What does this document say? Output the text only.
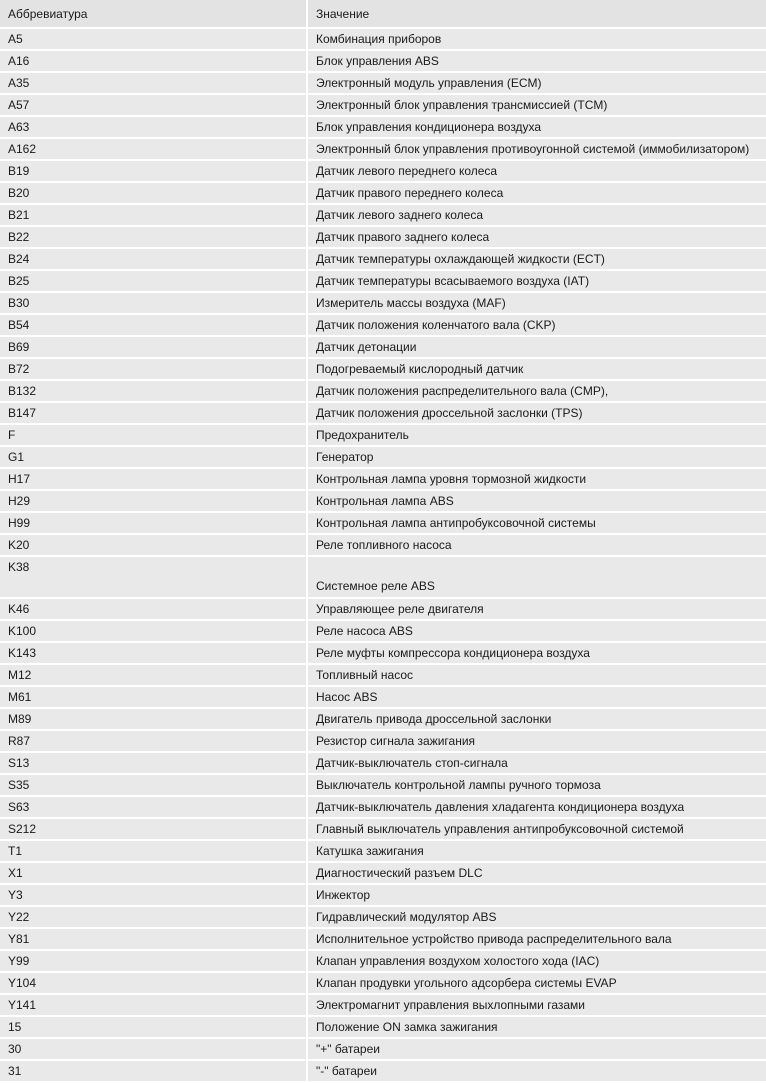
Аббревиатура	Значение
A5	Комбинация приборов
A16	Блок управления ABS
A35	Электронный модуль управления (ECM)
A57	Электронный блок управления трансмиссией (TCM)
A63	Блок управления кондиционера воздуха
A162	Электронный блок управления противоугонной системой (иммобилизатором)
B19	Датчик левого переднего колеса
B20	Датчик правого переднего колеса
B21	Датчик левого заднего колеса
B22	Датчик правого заднего колеса
B24	Датчик температуры охлаждающей жидкости (ECT)
B25	Датчик температуры всасываемого воздуха (IAT)
B30	Измеритель массы воздуха (MAF)
B54	Датчик положения коленчатого вала (CKP)
B69	Датчик детонации
B72	Подогреваемый кислородный датчик
B132	Датчик положения распределительного вала (CMP),
B147	Датчик положения дроссельной заслонки (TPS)
F	Предохранитель
G1	Генератор
H17	Контрольная лампа уровня тормозной жидкости
H29	Контрольная лампа ABS
H99	Контрольная лампа антипробуксовочной системы
K20	Реле топливного насоса
K38	Системное реле ABS
K46	Управляющее реле двигателя
K100	Реле насоса ABS
K143	Реле муфты компрессора кондиционера воздуха
M12	Топливный насос
M61	Насос ABS
M89	Двигатель привода дроссельной заслонки
R87	Резистор сигнала зажигания
S13	Датчик-выключатель стоп-сигнала
S35	Выключатель контрольной лампы ручного тормоза
S63	Датчик-выключатель давления хладагента кондиционера воздуха
S212	Главный выключатель управления антипробуксовочной системой
T1	Катушка зажигания
X1	Диагностический разъем DLC
Y3	Инжектор
Y22	Гидравлический модулятор ABS
Y81	Исполнительное устройство привода распределительного вала
Y99	Клапан управления воздухом холостого хода (IAC)
Y104	Клапан продувки угольного адсорбера системы EVAP
Y141	Электромагнит управления выхлопными газами
15	Положение ON замка зажигания
30	"+" батареи
31	"-" батареи
